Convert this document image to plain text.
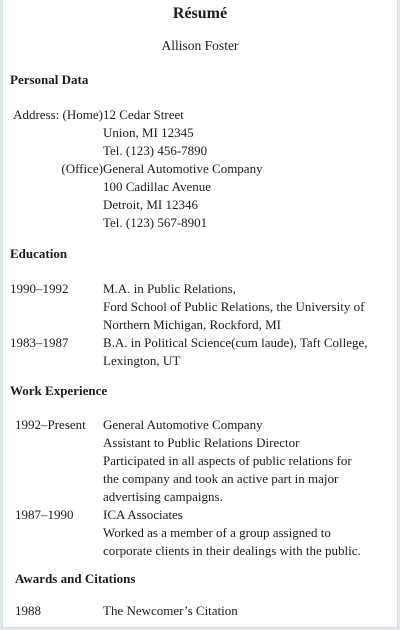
Résumé
Allison Foster
Personal Data
Address: (Home) 12 Cedar Street
Union, MI 12345
Tel. (123) 456-7890
(Office) General Automotive Company
100 Cadillac Avenue
Detroit, MI 12346
Tel. (123) 567-8901
Education
1990–1992	M.A. in Public Relations,
Ford School of Public Relations, the University of
Northern Michigan, Rockford, MI
1983–1987	B.A. in Political Science(cum laude), Taft College,
Lexington, UT
Work Experience
1992–Present General Automotive Company
Assistant to Public Relations Director
Participated in all aspects of public relations for
the company and took an active part in major
advertising campaigns.
1987–1990 ICA Associates
Worked as a member of a group assigned to
corporate clients in their dealings with the public.
Awards and Citations
1988	The Newcomer’s Citation
